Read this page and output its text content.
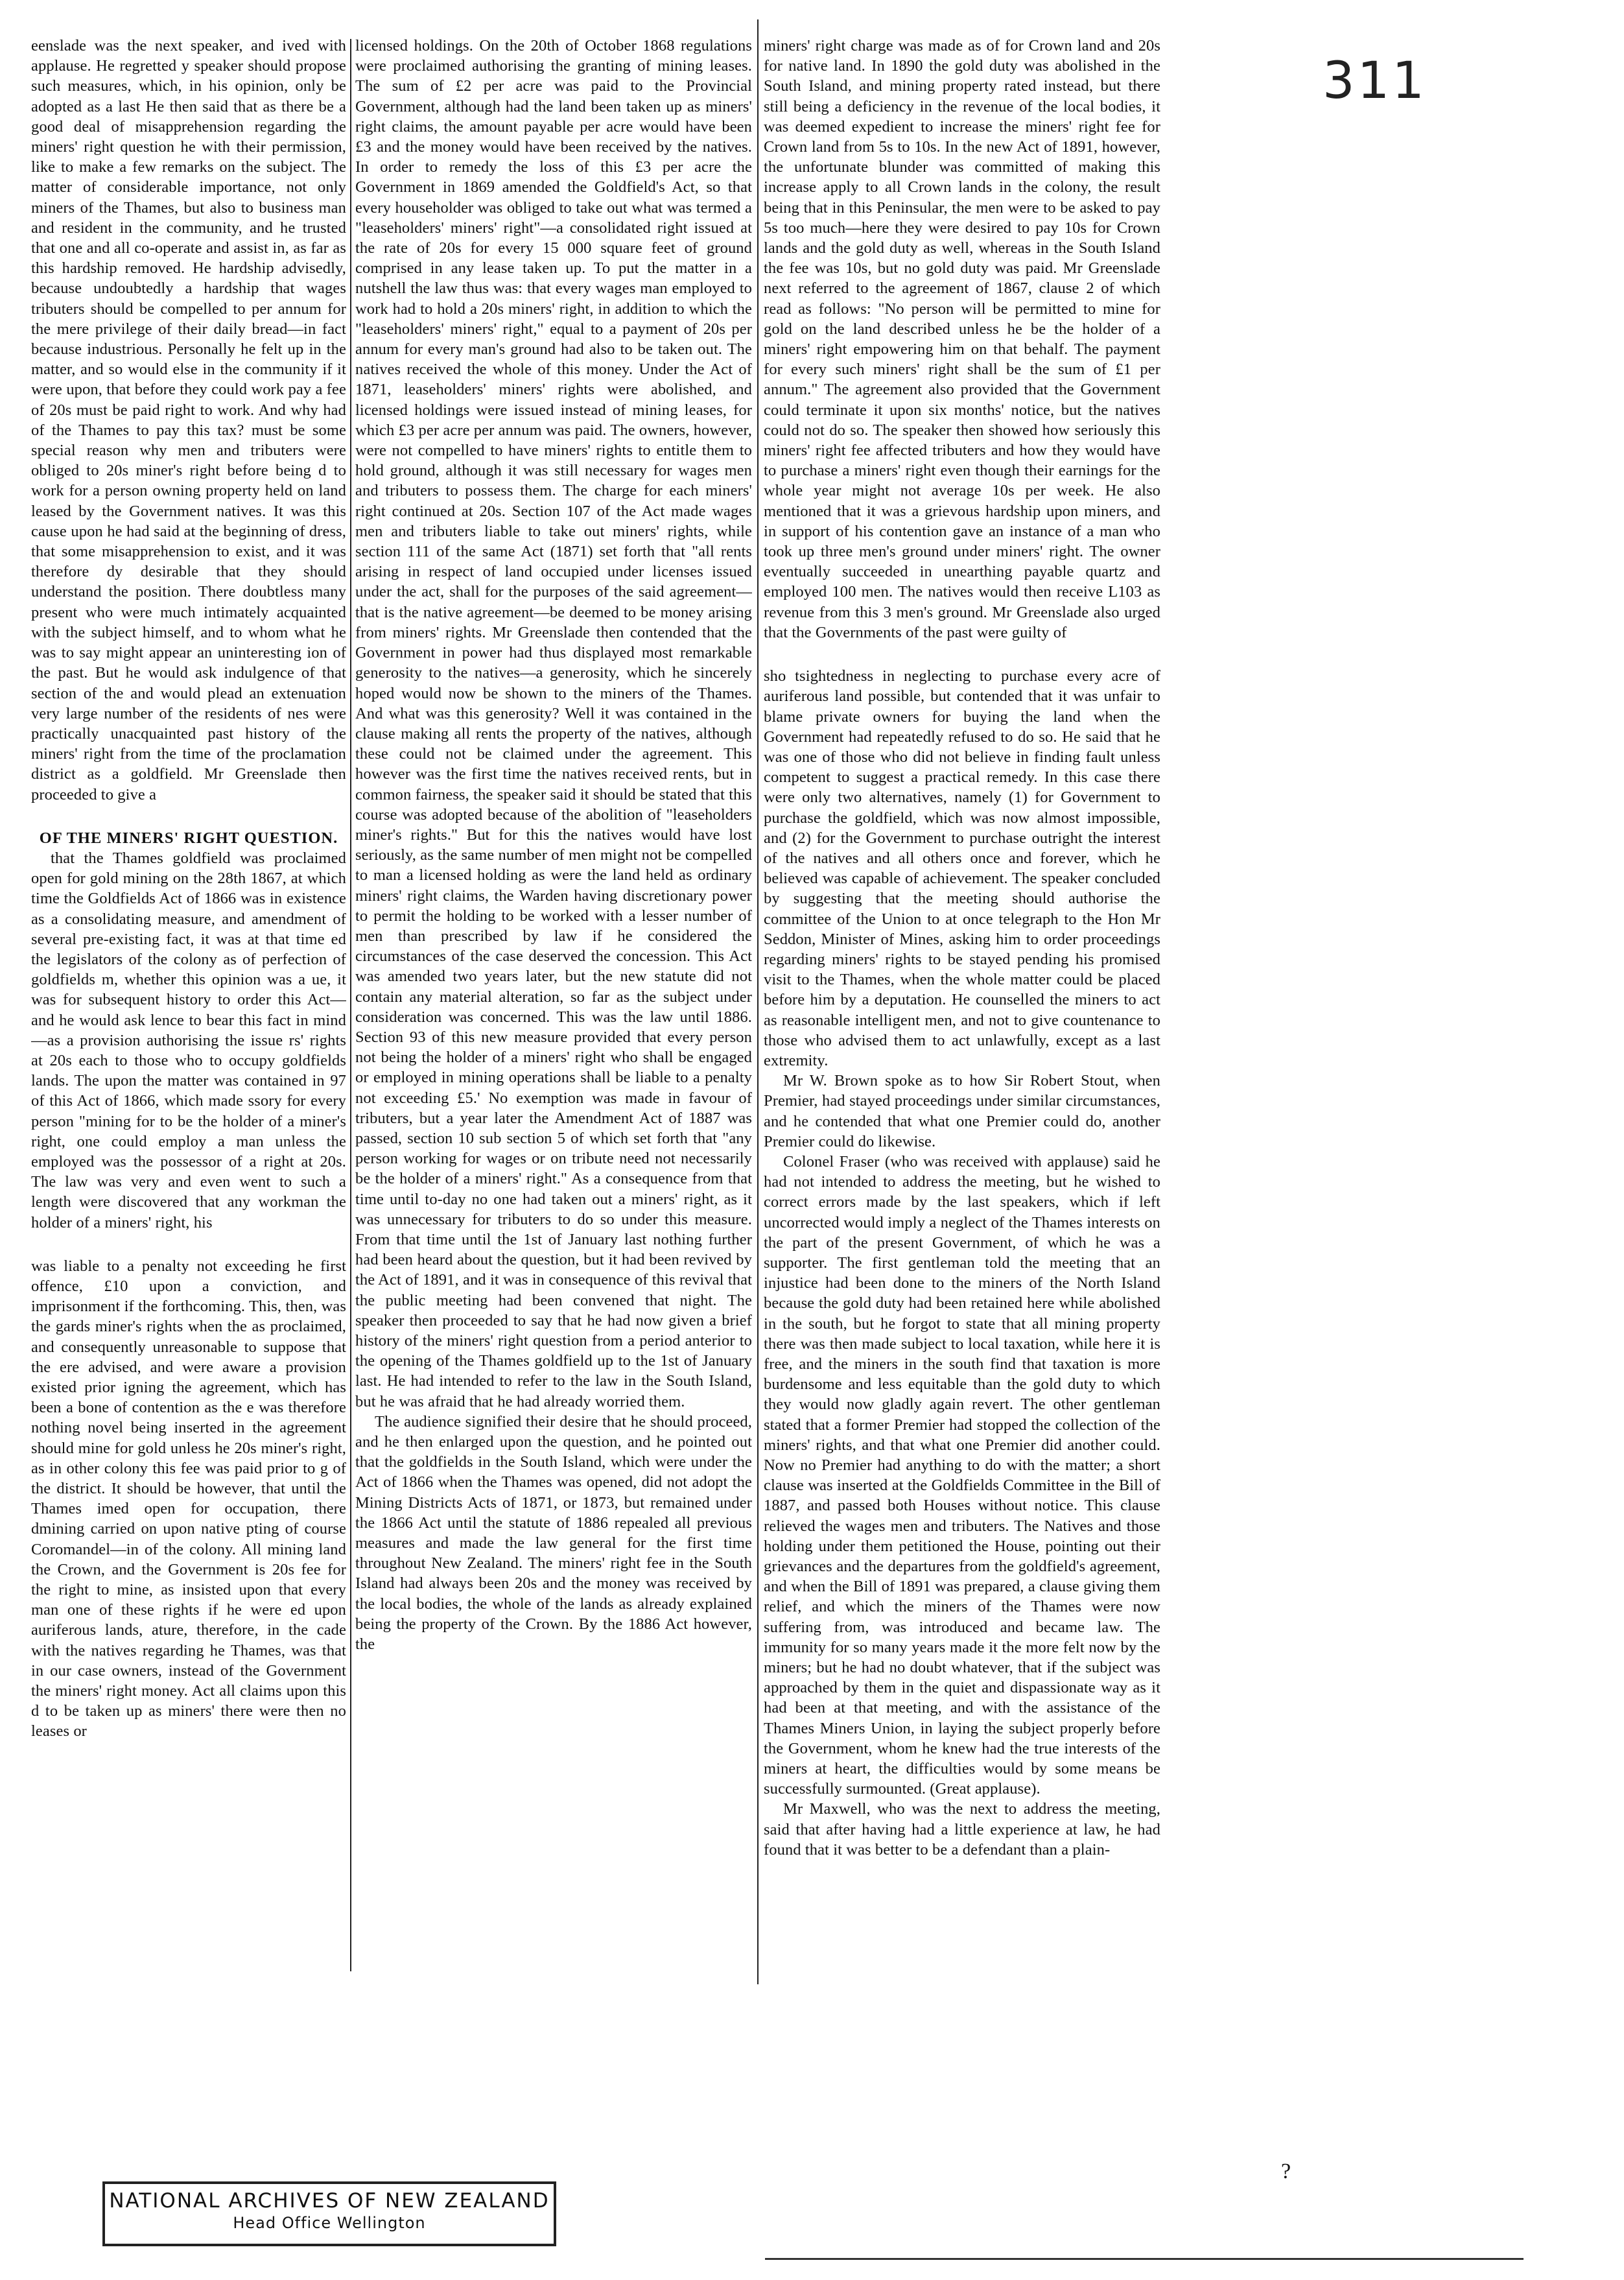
311

eenslade was the next speaker, and ived with applause. He regretted y speaker should propose such measures, which, in his opinion, only be adopted as a last He then said that as there be a good deal of misapprehension regarding the miners' right question he with their permission, like to make a few remarks on the subject. The matter of considerable importance, not only miners of the Thames, but also to business man and resident in the community, and he trusted that one and all co-operate and assist in, as far as this hardship removed. He hardship advisedly, because undoubtedly a hardship that wages tributers should be compelled to per annum for the mere privilege of their daily bread—in fact because industrious. Personally he felt up in the matter, and so would else in the community if it were upon, that before they could work pay a fee of 20s must be paid right to work. And why had of the Thames to pay this tax? must be some special reason why men and tributers were obliged to 20s miner's right before being d to work for a person owning property held on land leased by the Government natives. It was this cause upon he had said at the beginning of dress, that some misapprehension to exist, and it was therefore dy desirable that they should understand the position. There doubtless many present who were much intimately acquainted with the subject himself, and to whom what he was to say might appear an uninteresting ion of the past. But he would ask indulgence of that section of the and would plead an extenuation very large number of the residents of nes were practically unacquainted past history of the miners' right from the time of the proclamation district as a goldfield. Mr Greenslade then proceeded to give a

OF THE MINERS' RIGHT QUESTION.

that the Thames goldfield was proclaimed open for gold mining on the 28th 1867, at which time the Goldfields Act of 1866 was in existence as a consolidating measure, and amendment of several pre-existing fact, it was at that time ed the legislators of the colony as of perfection of goldfields m, whether this opinion was a ue, it was for subsequent history to order this Act—and he would ask lence to bear this fact in mind—as a provision authorising the issue rs' rights at 20s each to those who to occupy goldfields lands. The upon the matter was contained in 97 of this Act of 1866, which made ssory for every person "mining for to be the holder of a miner's right, one could employ a man unless the employed was the possessor of a right at 20s. The law was very and even went to such a length were discovered that any workman the holder of a miners' right, his

was liable to a penalty not exceeding he first offence, £10 upon a conviction, and imprisonment if the forthcoming. This, then, was the gards miner's rights when the as proclaimed, and consequently unreasonable to suppose that the ere advised, and were aware a provision existed prior igning the agreement, which has been a bone of contention as the e was therefore nothing novel being inserted in the agreement should mine for gold unless he 20s miner's right, as in other colony this fee was paid prior to g of the district. It should be however, that until the Thames imed open for occupation, there dmining carried on upon native pting of course Coromandel—in of the colony. All mining land the Crown, and the Government is 20s fee for the right to mine, as insisted upon that every man one of these rights if he were ed upon auriferous lands, ature, therefore, in the cade with the natives regarding he Thames, was that in our case owners, instead of the Government the miners' right money. Act all claims upon this d to be taken up as miners' there were then no leases or

licensed holdings. On the 20th of October 1868 regulations were proclaimed authorising the granting of mining leases. The sum of £2 per acre was paid to the Provincial Government, although had the land been taken up as miners' right claims, the amount payable per acre would have been £3 and the money would have been received by the natives. In order to remedy the loss of this £3 per acre the Government in 1869 amended the Goldfield's Act, so that every householder was obliged to take out what was termed a "leaseholders' miners' right"—a consolidated right issued at the rate of 20s for every 15 000 square feet of ground comprised in any lease taken up. To put the matter in a nutshell the law thus was: that every wages man employed to work had to hold a 20s miners' right, in addition to which the "leaseholders' miners' right," equal to a payment of 20s per annum for every man's ground had also to be taken out. The natives received the whole of this money. Under the Act of 1871, leaseholders' miners' rights were abolished, and licensed holdings were issued instead of mining leases, for which £3 per acre per annum was paid. The owners, however, were not compelled to have miners' rights to entitle them to hold ground, although it was still necessary for wages men and tributers to possess them. The charge for each miners' right continued at 20s. Section 107 of the Act made wages men and tributers liable to take out miners' rights, while section 111 of the same Act (1871) set forth that "all rents arising in respect of land occupied under licenses issued under the act, shall for the purposes of the said agreement—that is the native agreement—be deemed to be money arising from miners' rights. Mr Greenslade then contended that the Government in power had thus displayed most remarkable generosity to the natives—a generosity, which he sincerely hoped would now be shown to the miners of the Thames. And what was this generosity? Well it was contained in the clause making all rents the property of the natives, although these could not be claimed under the agreement. This however was the first time the natives received rents, but in common fairness, the speaker said it should be stated that this course was adopted because of the abolition of "leaseholders miner's rights." But for this the natives would have lost seriously, as the same number of men might not be compelled to man a licensed holding as were the land held as ordinary miners' right claims, the Warden having discretionary power to permit the holding to be worked with a lesser number of men than prescribed by law if he considered the circumstances of the case deserved the concession. This Act was amended two years later, but the new statute did not contain any material alteration, so far as the subject under consideration was concerned. This was the law until 1886. Section 93 of this new measure provided that every person not being the holder of a miners' right who shall be engaged or employed in mining operations shall be liable to a penalty not exceeding £5.' No exemption was made in favour of tributers, but a year later the Amendment Act of 1887 was passed, section 10 sub section 5 of which set forth that "any person working for wages or on tribute need not necessarily be the holder of a miners' right." As a consequence from that time until to-day no one had taken out a miners' right, as it was unnecessary for tributers to do so under this measure. From that time until the 1st of January last nothing further had been heard about the question, but it had been revived by the Act of 1891, and it was in consequence of this revival that the public meeting had been convened that night. The speaker then proceeded to say that he had now given a brief history of the miners' right question from a period anterior to the opening of the Thames goldfield up to the 1st of January last. He had intended to refer to the law in the South Island, but he was afraid that he had already worried them.

The audience signified their desire that he should proceed, and he then enlarged upon the question, and he pointed out that the goldfields in the South Island, which were under the Act of 1866 when the Thames was opened, did not adopt the Mining Districts Acts of 1871, or 1873, but remained under the 1866 Act until the statute of 1886 repealed all previous measures and made the law general for the first time throughout New Zealand. The miners' right fee in the South Island had always been 20s and the money was received by the local bodies, the whole of the lands as already explained being the property of the Crown. By the 1886 Act however, the

miners' right charge was made as of for Crown land and 20s for native land. In 1890 the gold duty was abolished in the South Island, and mining property rated instead, but there still being a deficiency in the revenue of the local bodies, it was deemed expedient to increase the miners' right fee for Crown land from 5s to 10s. In the new Act of 1891, however, the unfortunate blunder was committed of making this increase apply to all Crown lands in the colony, the result being that in this Peninsular, the men were to be asked to pay 5s too much—here they were desired to pay 10s for Crown lands and the gold duty as well, whereas in the South Island the fee was 10s, but no gold duty was paid. Mr Greenslade next referred to the agreement of 1867, clause 2 of which read as follows: "No person will be permitted to mine for gold on the land described unless he be the holder of a miners' right empowering him on that behalf. The payment for every such miners' right shall be the sum of £1 per annum." The agreement also provided that the Government could terminate it upon six months' notice, but the natives could not do so. The speaker then showed how seriously this miners' right fee affected tributers and how they would have to purchase a miners' right even though their earnings for the whole year might not average 10s per week. He also mentioned that it was a grievous hardship upon miners, and in support of his contention gave an instance of a man who took up three men's ground under miners' right. The owner eventually succeeded in unearthing payable quartz and employed 100 men. The natives would then receive L103 as revenue from this 3 men's ground. Mr Greenslade also urged that the Governments of the past were guilty of

sho tsightedness in neglecting to purchase every acre of auriferous land possible, but contended that it was unfair to blame private owners for buying the land when the Government had repeatedly refused to do so. He said that he was one of those who did not believe in finding fault unless competent to suggest a practical remedy. In this case there were only two alternatives, namely (1) for Government to purchase the goldfield, which was now almost impossible, and (2) for the Government to purchase outright the interest of the natives and all others once and forever, which he believed was capable of achievement. The speaker concluded by suggesting that the meeting should authorise the committee of the Union to at once telegraph to the Hon Mr Seddon, Minister of Mines, asking him to order proceedings regarding miners' rights to be stayed pending his promised visit to the Thames, when the whole matter could be placed before him by a deputation. He counselled the miners to act as reasonable intelligent men, and not to give countenance to those who advised them to act unlawfully, except as a last extremity.

Mr W. Brown spoke as to how Sir Robert Stout, when Premier, had stayed proceedings under similar circumstances, and he contended that what one Premier could do, another Premier could do likewise.

Colonel Fraser (who was received with applause) said he had not intended to address the meeting, but he wished to correct errors made by the last speakers, which if left uncorrected would imply a neglect of the Thames interests on the part of the present Government, of which he was a supporter. The first gentleman told the meeting that an injustice had been done to the miners of the North Island because the gold duty had been retained here while abolished in the south, but he forgot to state that all mining property there was then made subject to local taxation, while here it is free, and the miners in the south find that taxation is more burdensome and less equitable than the gold duty to which they would now gladly again revert. The other gentleman stated that a former Premier had stopped the collection of the miners' rights, and that what one Premier did another could. Now no Premier had anything to do with the matter; a short clause was inserted at the Goldfields Committee in the Bill of 1887, and passed both Houses without notice. This clause relieved the wages men and tributers. The Natives and those holding under them petitioned the House, pointing out their grievances and the departures from the goldfield's agreement, and when the Bill of 1891 was prepared, a clause giving them relief, and which the miners of the Thames were now suffering from, was introduced and became law. The immunity for so many years made it the more felt now by the miners; but he had no doubt whatever, that if the subject was approached by them in the quiet and dispassionate way as it had been at that meeting, and with the assistance of the Thames Miners Union, in laying the subject properly before the Government, whom he knew had the true interests of the miners at heart, the difficulties would by some means be successfully surmounted. (Great applause).

Mr Maxwell, who was the next to address the meeting, said that after having had a little experience at law, he had found that it was better to be a defendant than a plain-

NATIONAL ARCHIVES OF NEW ZEALAND
Head Office Wellington
?
